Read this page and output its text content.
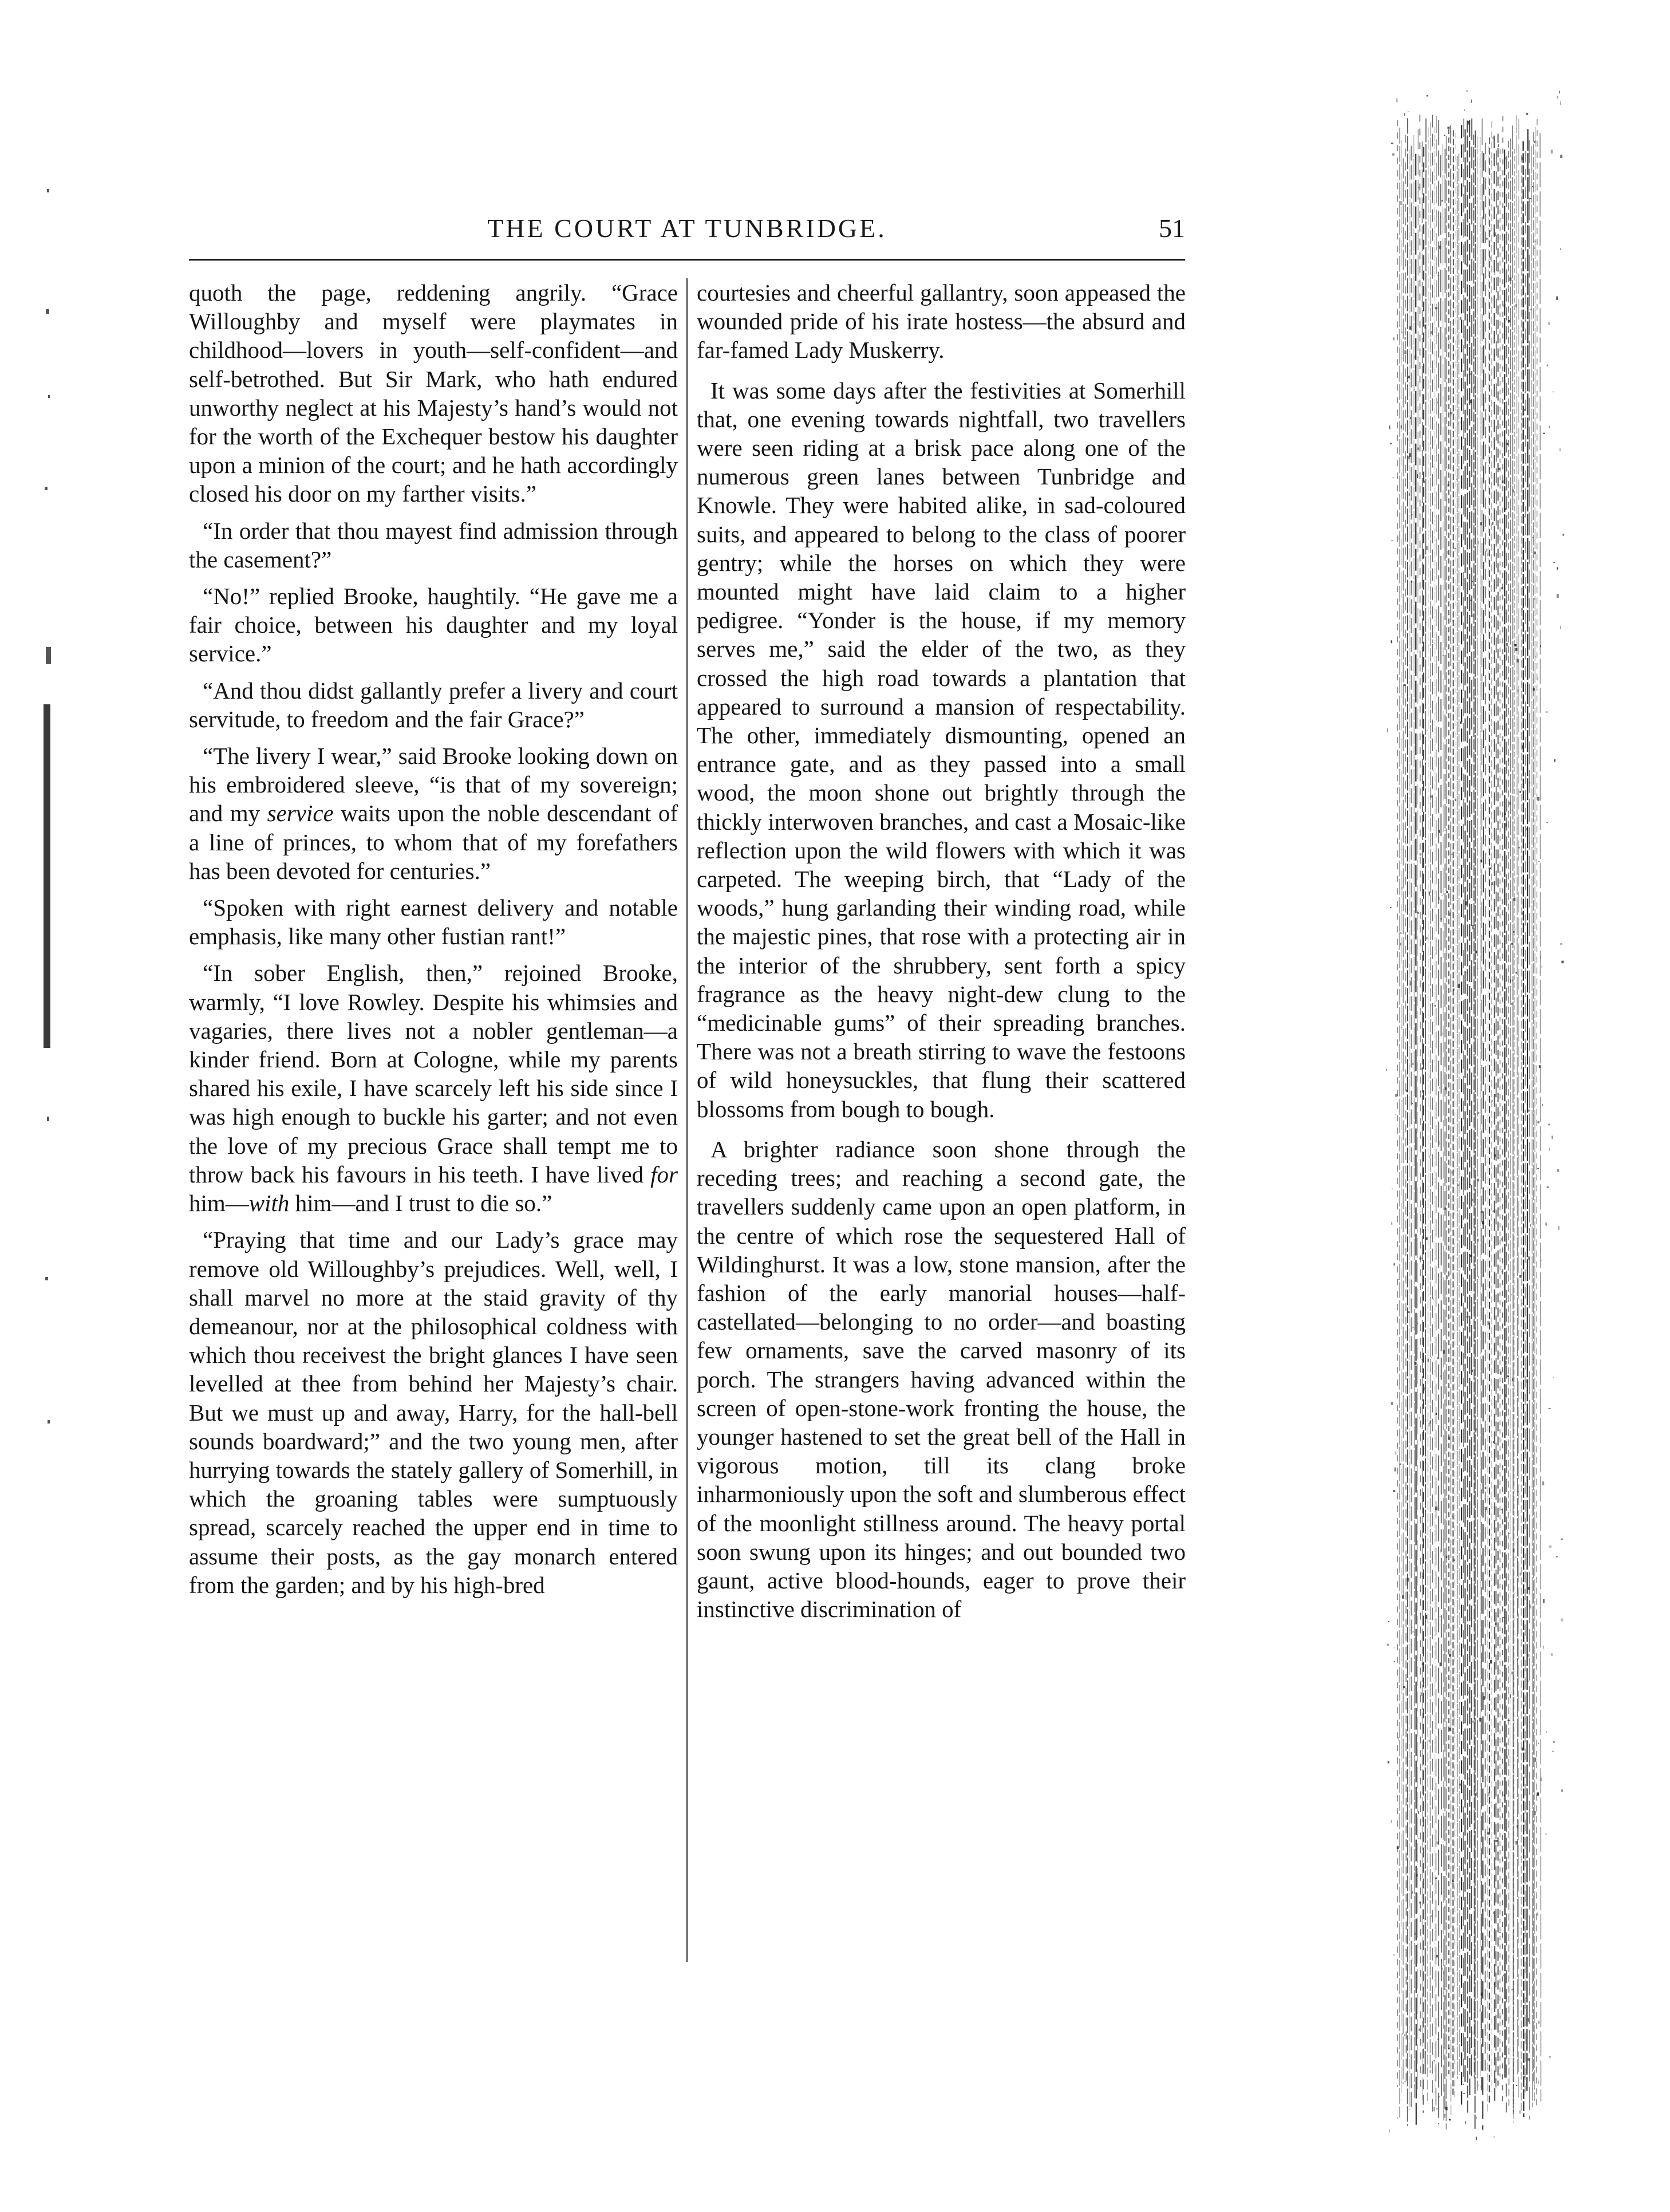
THE COURT AT TUNBRIDGE.	51

quoth the page, reddening angrily. “Grace Willoughby and myself were playmates in childhood—lovers in youth—self-confident—and self-betrothed. But Sir Mark, who hath endured unworthy neglect at his Majesty’s hand’s would not for the worth of the Exchequer bestow his daughter upon a minion of the court; and he hath accordingly closed his door on my farther visits.”

“In order that thou mayest find admission through the casement?”

“No!” replied Brooke, haughtily. “He gave me a fair choice, between his daughter and my loyal service.”

“And thou didst gallantly prefer a livery and court servitude, to freedom and the fair Grace?”

“The livery I wear,” said Brooke looking down on his embroidered sleeve, “is that of my sovereign; and my service waits upon the noble descendant of a line of princes, to whom that of my forefathers has been devoted for centuries.”

“Spoken with right earnest delivery and notable emphasis, like many other fustian rant!”

“In sober English, then,” rejoined Brooke, warmly, “I love Rowley. Despite his whimsies and vagaries, there lives not a nobler gentleman—a kinder friend. Born at Cologne, while my parents shared his exile, I have scarcely left his side since I was high enough to buckle his garter; and not even the love of my precious Grace shall tempt me to throw back his favours in his teeth. I have lived for him—with him—and I trust to die so.”

“Praying that time and our Lady’s grace may remove old Willoughby’s prejudices. Well, well, I shall marvel no more at the staid gravity of thy demeanour, nor at the philosophical coldness with which thou receivest the bright glances I have seen levelled at thee from behind her Majesty’s chair. But we must up and away, Harry, for the hall-bell sounds boardward;” and the two young men, after hurrying towards the stately gallery of Somerhill, in which the groaning tables were sumptuously spread, scarcely reached the upper end in time to assume their posts, as the gay monarch entered from the garden; and by his high-bred

courtesies and cheerful gallantry, soon appeased the wounded pride of his irate hostess—the absurd and far-famed Lady Muskerry.

It was some days after the festivities at Somerhill that, one evening towards nightfall, two travellers were seen riding at a brisk pace along one of the numerous green lanes between Tunbridge and Knowle. They were habited alike, in sad-coloured suits, and appeared to belong to the class of poorer gentry; while the horses on which they were mounted might have laid claim to a higher pedigree. “Yonder is the house, if my memory serves me,” said the elder of the two, as they crossed the high road towards a plantation that appeared to surround a mansion of respectability. The other, immediately dismounting, opened an entrance gate, and as they passed into a small wood, the moon shone out brightly through the thickly interwoven branches, and cast a Mosaic-like reflection upon the wild flowers with which it was carpeted. The weeping birch, that “Lady of the woods,” hung garlanding their winding road, while the majestic pines, that rose with a protecting air in the interior of the shrubbery, sent forth a spicy fragrance as the heavy night-dew clung to the “medicinable gums” of their spreading branches. There was not a breath stirring to wave the festoons of wild honeysuckles, that flung their scattered blossoms from bough to bough.

A brighter radiance soon shone through the receding trees; and reaching a second gate, the travellers suddenly came upon an open platform, in the centre of which rose the sequestered Hall of Wildinghurst. It was a low, stone mansion, after the fashion of the early manorial houses—half-castellated—belonging to no order—and boasting few ornaments, save the carved masonry of its porch. The strangers having advanced within the screen of open-stone-work fronting the house, the younger hastened to set the great bell of the Hall in vigorous motion, till its clang broke inharmoniously upon the soft and slumberous effect of the moonlight stillness around. The heavy portal soon swung upon its hinges; and out bounded two gaunt, active blood-hounds, eager to prove their instinctive discrimination of
